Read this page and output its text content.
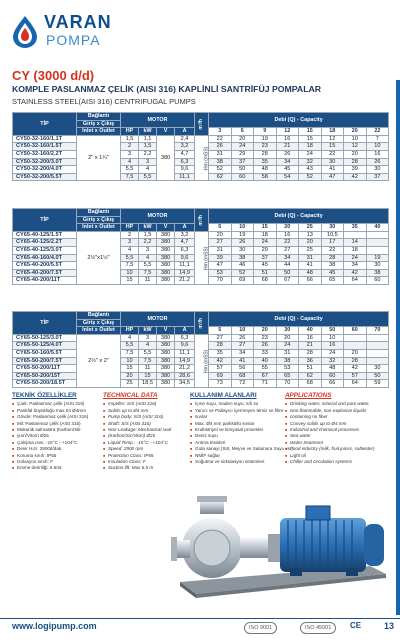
VARAN
POMPA
CY (3000 d/d)
KOMPLE PASLANMAZ ÇELİK (AISI 316) KAPLİNLİ SANTRİFÜJ POMPALAR
STAINLESS STEEL(AISI 316) CENTRIFUGAL PUMPS
TİP	Bağlantı	MOTOR				m³/h	Debi (Q) - Capacity							
	Giriş x Çıkış													
	Inlet x Outlet	HP	kW	V	A		3	6	9	12	15	18	20	22
CY50-32-160/1.1T	2" x 1¼"	1,5	1,1	380	2,4	Hm (mSS)	22	20	19	16	15	12	10	7
CY50-32-160/1.5T		2	1,5		3,2		26	24	23	21	18	15	12	10
CY50-32-160/2.2T		3	2,2		4,7		31	29	28	26	24	22	20	16
CY50-32-200/3.0T		4	3		6,3		38	37	35	34	32	30	28	26
CY50-32-200/4.0T		5,5	4		9,6		52	50	48	45	43	41	39	30
CY50-32-200/5.5T		7,5	5,5		11,1		62	60	58	54	52	47	42	37
TİP	Bağlantı	MOTOR				m³/h	Debi (Q) - Capacity							
	Giriş x Çıkış													
	Inlet x Outlet	HP	kW	V	A		5	10	15	20	25	30	35	40
CY65-40-125/1.5T	2½"x1½"	2	1,5	380	3,2	Hm (mSS)	20	19	18	16	13	10,5		
CY65-40-125/2.2T		3	2,2	380	4,7		27	26	24	22	20	17	14	
CY65-40-125/3.0T		4	3	380	6,3		31	30	29	27	25	22	18	
CY65-40-160/4.0T		5,5	4	380	9,6		39	38	37	34	31	28	24	19
CY65-40-200/5.5T		7,5	5,5	380	11,1		47	46	45	44	41	38	34	30
CY65-40-200/7.5T		10	7,5	380	14,9		53	52	51	50	48	45	42	38
CY65-40-200/11T		15	11	380	21,2		70	69	68	67	66	65	64	60
TİP	Bağlantı	MOTOR				m³/h	Debi (Q) - Capacity							
	Giriş x Çıkış													
	Inlet x Outlet	HP	kW	V	A		5	10	20	30	40	50	60	70
CY65-50-125/3.0T	2½" x 2"	4	3	380	6,3	Hm (mSS)	27	26	23	20	16	10		
CY65-50-125/4.0T		5,5	4	380	9,6		28	27	26	24	21	16		
CY65-50-160/5.5T		7,5	5,5	380	11,1		35	34	33	31	28	24	20	
CY65-50-200/7.5T		10	7,5	380	14,9		42	41	40	38	36	32	28	
CY65-50-200/11T		15	11	380	21,2		57	56	55	53	51	48	42	30
CY65-50-200/15T		20	15	380	28,6		69	68	67	65	62	60	57	50
CY65-50-200/18.5T		25	18,5	380	34,5		73	72	71	70	68	66	64	59
TEKNİK ÖZELLİKLER
■ Çark: Paslanmaz çelik (AISI 316)
■ Pankfal büyüklüğü max.04 Ø4mm
■ Gövde: Paslanmaz çelik (AISI 316)
■ Mil: Paslanmaz çelik (AISI 316)
■ Mekanik salmastra (Karbon/Sili-
■ yum/Viton) Ø25
■ Çalışma ısısı: -15°C - +104°C
■ Devir Hızı: 2900d/dak.
■ Koruma sınıfı: IP55
■ İzolasyon sınıfı: F
■ Emme derinliği: 6.5mt.
TECHNICAL DATA
■ Impeller: S/S (AISI 316)
■ Solids up to Ø4 mm
■ Pump body: S/S (AISI 316)
■ Shaft: S/S (AISI 316)
■ Non-Leakage: Mechanical seal
■ (Karbon/Sic/Viton) Ø25
■ Liquid Temp.: -15°C - +104°C
■ Speed: 2900 rpm
■ Protection Class: IP55
■ Insulation Class: F
■ Suction lift: Max 6.5 m
KULLANIM ALANLARI
■ İçme suyu, maden suyu, sıfı su
■ Yanıcı ve Patlayıcı içermeyen temiz ve filtre
■ sıvılar
■ Max. Ø4 mm parkküllü sıvılar
■ Endüstriyel ve kimyasal prosesler
■ Deniz suyu
■ Arıtma tesisleri
■ Gıda sanayi (Süt, Meyve ve Salamura Suyu vs.)
■ NMİF sağlar
■ Soğutma ve sirkülasyon sistemleri
APPLICATIONS
■ Drinking water, mineral and pure water,
■ Non-flammable, non-explosive liquids
■ containing no fiber
■ Convey solids up to Ø4 mm
■ Industrial and chemical processes
■ Sea water
■ Water treatment
■ Food industry (milk, fruit juices, saltwater)
■ Light oil
■ Chiller and circulation systems
www.logipump.com	ISO 9001	ISO 45001	CE	13
